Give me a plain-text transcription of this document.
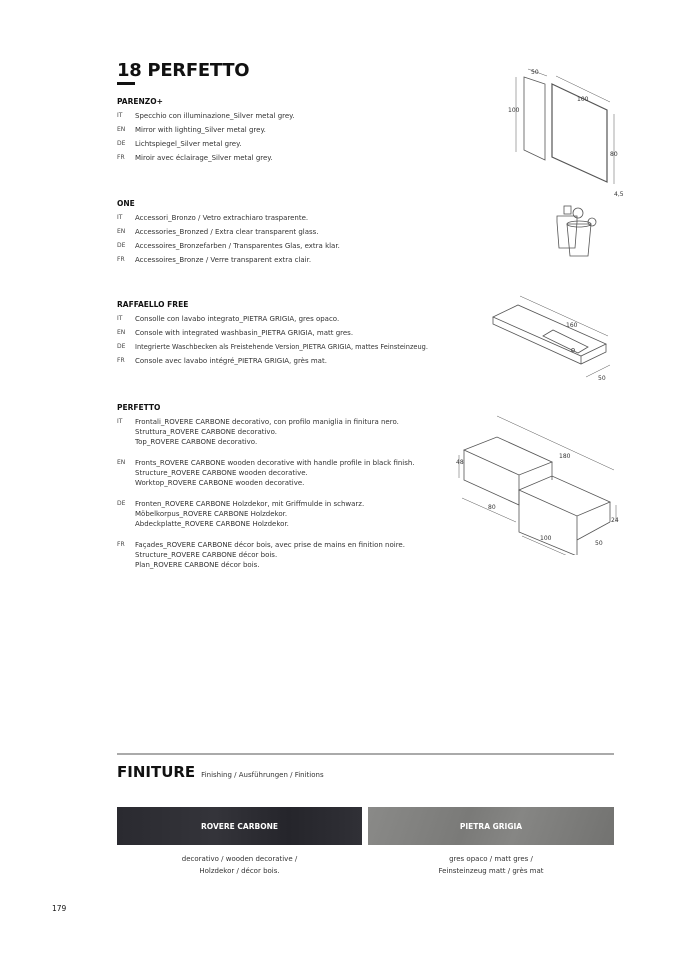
18 PERFETTO
PARENZO+
IT	Specchio con illuminazione_Silver metal grey.
EN	Mirror with lighting_Silver metal grey.
DE	Lichtspiegel_Silver metal grey.
FR	Miroir avec éclairage_Silver metal grey.
ONE
IT	Accessori_Bronzo / Vetro extrachiaro trasparente.
EN	Accessories_Bronzed / Extra clear transparent glass.
DE	Accessoires_Bronzefarben / Transparentes Glas, extra klar.
FR	Accessoires_Bronze / Verre transparent extra clair.
RAFFAELLO FREE
IT	Consolle con lavabo integrato_PIETRA GRIGIA, gres opaco.
EN	Console with integrated washbasin_PIETRA GRIGIA, matt gres.
DE	Integrierte Waschbecken als Freistehende Version_PIETRA GRIGIA, mattes Feinsteinzeug.
FR	Console avec lavabo intégré_PIETRA GRIGIA, grès mat.
PERFETTO
IT	Frontali_ROVERE CARBONE decorativo, con profilo maniglia in finitura nero.
Struttura_ROVERE CARBONE decorativo.
Top_ROVERE CARBONE decorativo.
EN	Fronts_ROVERE CARBONE wooden decorative with handle profile in black finish.
Structure_ROVERE CARBONE wooden decorative.
Worktop_ROVERE CARBONE wooden decorative.
DE	Fronten_ROVERE CARBONE Holzdekor, mit Griffmulde in schwarz.
Möbelkorpus_ROVERE CARBONE Holzdekor.
Abdeckplatte_ROVERE CARBONE Holzdekor.
FR	Façades_ROVERE CARBONE décor bois, avec prise de mains en finition noire.
Structure_ROVERE CARBONE décor bois.
Plan_ROVERE CARBONE décor bois.
50
100
100
80
4,5
160
50
180
48
80
24
100
50
FINITURE Finishing / Ausführungen / Finitions
ROVERE CARBONE	PIETRA GRIGIA
decorativo / wooden decorative /
Holzdekor / décor bois.
gres opaco / matt gres /
Feinsteinzeug matt / grès mat
179
